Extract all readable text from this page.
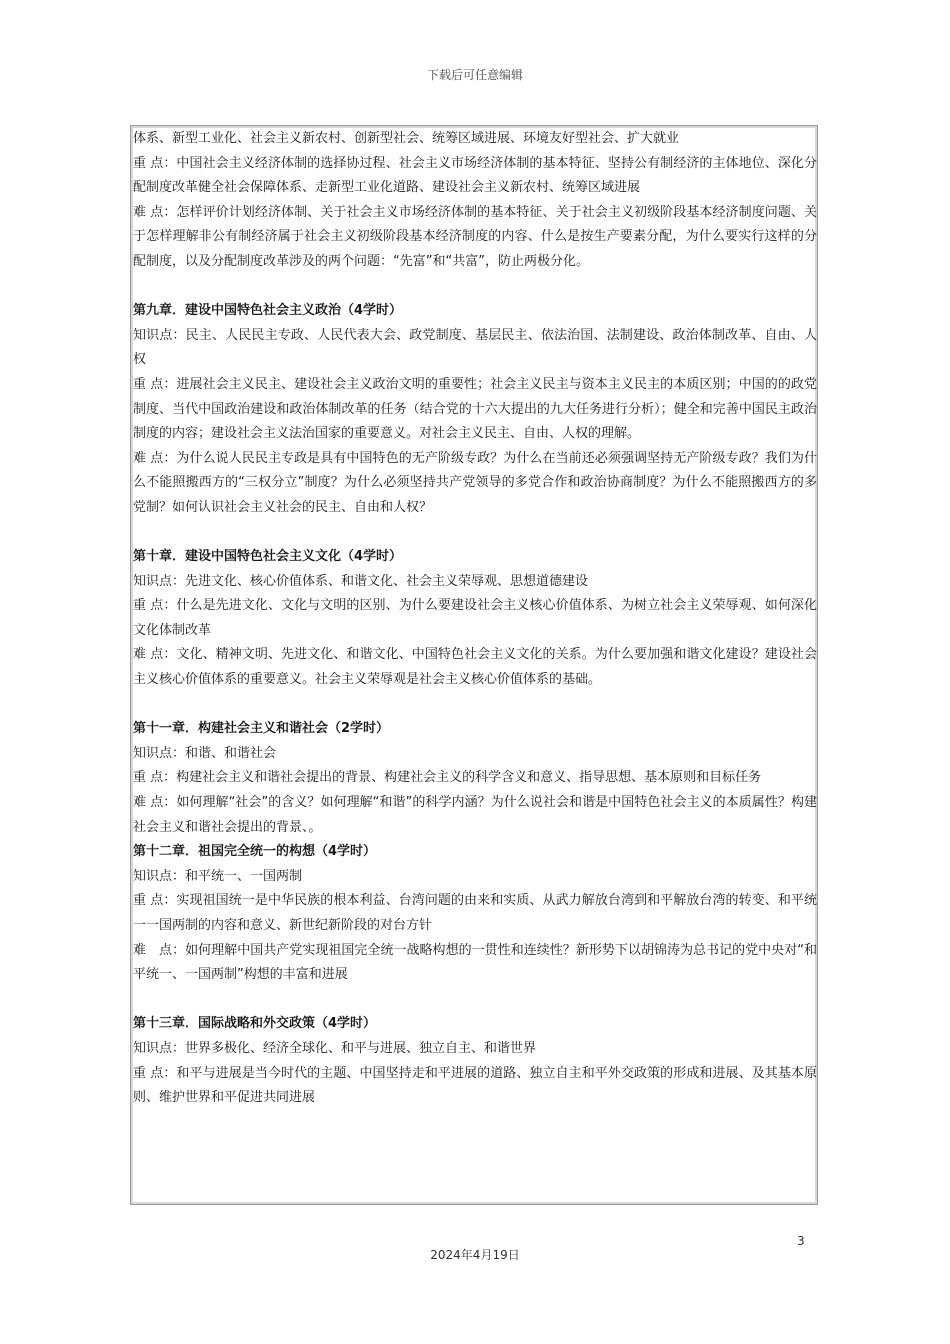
下载后可任意编辑

体系、新型工业化、社会主义新农村、创新型社会、统筹区域进展、环境友好型社会、扩大就业

重 点：中国社会主义经济体制的选择协过程、社会主义市场经济体制的基本特征、坚持公有制经济的主体地位、深化分配制度改革健全社会保障体系、走新型工业化道路、建设社会主义新农村、统筹区域进展

难 点：怎样评价计划经济体制、关于社会主义市场经济体制的基本特征、关于社会主义初级阶段基本经济制度问题、关于怎样理解非公有制经济属于社会主义初级阶段基本经济制度的内容、什么是按生产要素分配，为什么要实行这样的分配制度，以及分配制度改革涉及的两个问题：“先富”和“共富”，防止两极分化。

第九章．建设中国特色社会主义政治（4学时）

知识点：民主、人民民主专政、人民代表大会、政党制度、基层民主、依法治国、法制建设、政治体制改革、自由、人权

重 点：进展社会主义民主、建设社会主义政治文明的重要性；社会主义民主与资本主义民主的本质区别；中国的的政党制度、当代中国政治建设和政治体制改革的任务（结合党的十六大提出的九大任务进行分析）；健全和完善中国民主政治制度的内容；建设社会主义法治国家的重要意义。对社会主义民主、自由、人权的理解。

难 点：为什么说人民民主专政是具有中国特色的无产阶级专政？为什么在当前还必须强调坚持无产阶级专政？我们为什么不能照搬西方的“三权分立”制度？为什么必须坚持共产党领导的多党合作和政治协商制度？为什么不能照搬西方的多党制？如何认识社会主义社会的民主、自由和人权？

第十章．建设中国特色社会主义文化（4学时）

知识点：先进文化、核心价值体系、和谐文化、社会主义荣辱观、思想道德建设

重 点：什么是先进文化、文化与文明的区别、为什么要建设社会主义核心价值体系、为树立社会主义荣辱观、如何深化文化体制改革

难 点：文化、精神文明、先进文化、和谐文化、中国特色社会主义文化的关系。为什么要加强和谐文化建设？建设社会主义核心价值体系的重要意义。社会主义荣辱观是社会主义核心价值体系的基础。

第十一章．构建社会主义和谐社会（2学时）

知识点：和谐、和谐社会

重 点：构建社会主义和谐社会提出的背景、构建社会主义的科学含义和意义、指导思想、基本原则和目标任务

难 点：如何理解“社会”的含义？如何理解“和谐”的科学内涵？为什么说社会和谐是中国特色社会主义的本质属性？构建社会主义和谐社会提出的背景、。

第十二章．祖国完全统一的构想（4学时）

知识点：和平统一、一国两制

重 点：实现祖国统一是中华民族的根本利益、台湾问题的由来和实质、从武力解放台湾到和平解放台湾的转变、和平统一一国两制的内容和意义、新世纪新阶段的对台方针

难　点：如何理解中国共产党实现祖国完全统一战略构想的一贯性和连续性？新形势下以胡锦涛为总书记的党中央对“和平统一、一国两制”构想的丰富和进展

第十三章．国际战略和外交政策（4学时）

知识点：世界多极化、经济全球化、和平与进展、独立自主、和谐世界

重 点：和平与进展是当今时代的主题、中国坚持走和平进展的道路、独立自主和平外交政策的形成和进展、及其基本原则、维护世界和平促进共同进展

3
2024年4月19日
